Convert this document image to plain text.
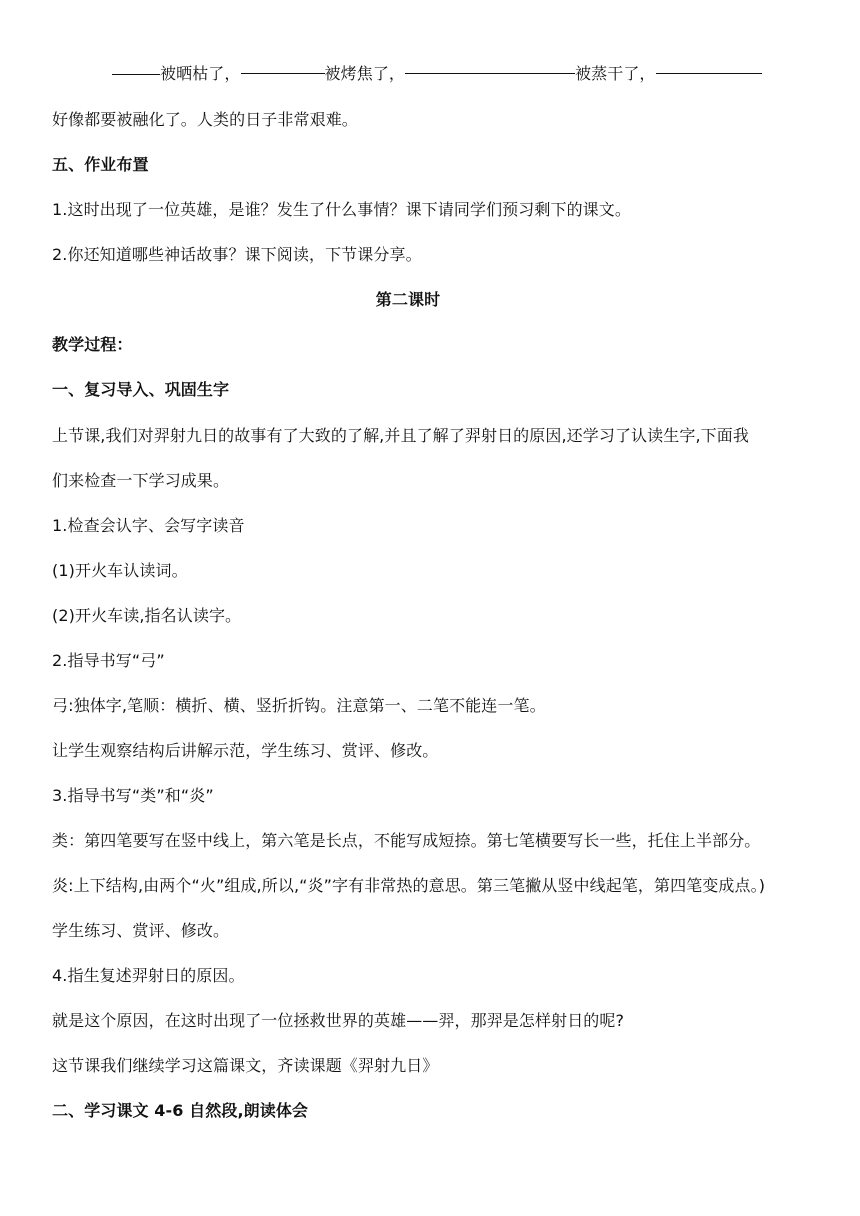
被晒枯了，	被烤焦了，	被蒸干了，
好像都要被融化了。人类的日子非常艰难。
五、作业布置
1.这时出现了一位英雄，是谁？发生了什么事情？课下请同学们预习剩下的课文。
2.你还知道哪些神话故事？课下阅读，下节课分享。
第二课时
教学过程：
一、复习导入、巩固生字
上节课,我们对羿射九日的故事有了大致的了解,并且了解了羿射日的原因,还学习了认读生字,下面我
们来检查一下学习成果。
1.检查会认字、会写字读音
(1)开火车认读词。
(2)开火车读,指名认读字。
2.指导书写“弓”
弓:独体字,笔顺：横折、横、竖折折钩。注意第一、二笔不能连一笔。
让学生观察结构后讲解示范，学生练习、赏评、修改。
3.指导书写“类”和“炎”
类：第四笔要写在竖中线上，第六笔是长点，不能写成短捺。第七笔横要写长一些，托住上半部分。
炎:上下结构,由两个“火”组成,所以,“炎”字有非常热的意思。第三笔撇从竖中线起笔，第四笔变成点。)
学生练习、赏评、修改。
4.指生复述羿射日的原因。
就是这个原因，在这时出现了一位拯救世界的英雄——羿，那羿是怎样射日的呢?
这节课我们继续学习这篇课文，齐读课题《羿射九日》
二、学习课文 4-6 自然段,朗读体会
